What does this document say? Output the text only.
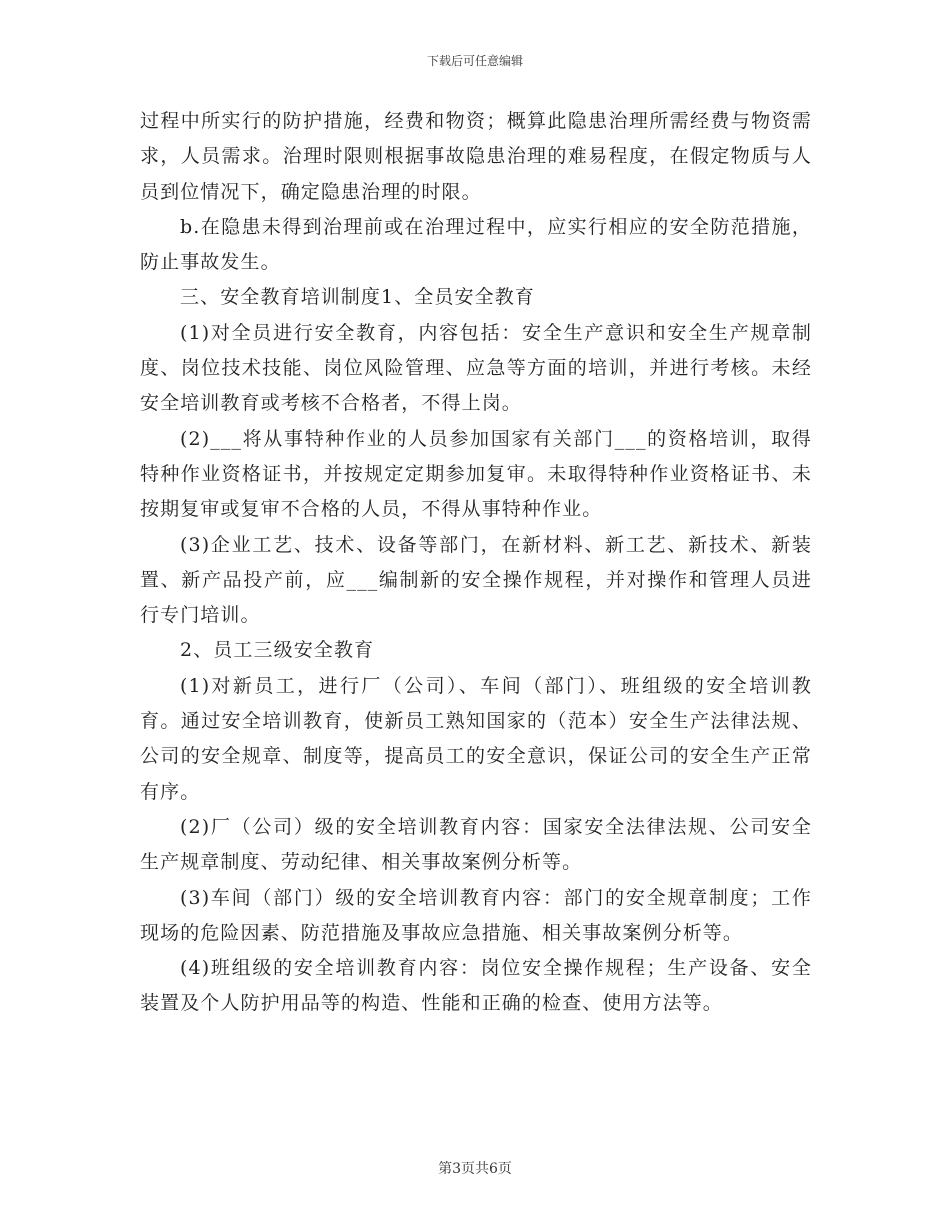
下载后可任意编辑

过程中所实行的防护措施，经费和物资；概算此隐患治理所需经费与物资需求，人员需求。治理时限则根据事故隐患治理的难易程度，在假定物质与人员到位情况下，确定隐患治理的时限。

b.在隐患未得到治理前或在治理过程中，应实行相应的安全防范措施，防止事故发生。

三、安全教育培训制度1、全员安全教育

(1)对全员进行安全教育，内容包括：安全生产意识和安全生产规章制度、岗位技术技能、岗位风险管理、应急等方面的培训，并进行考核。未经安全培训教育或考核不合格者，不得上岗。

(2)___将从事特种作业的人员参加国家有关部门___的资格培训，取得特种作业资格证书，并按规定定期参加复审。未取得特种作业资格证书、未按期复审或复审不合格的人员，不得从事特种作业。

(3)企业工艺、技术、设备等部门，在新材料、新工艺、新技术、新装置、新产品投产前，应___编制新的安全操作规程，并对操作和管理人员进行专门培训。

2、员工三级安全教育

(1)对新员工，进行厂（公司）、车间（部门）、班组级的安全培训教育。通过安全培训教育，使新员工熟知国家的（范本）安全生产法律法规、公司的安全规章、制度等，提高员工的安全意识，保证公司的安全生产正常有序。

(2)厂（公司）级的安全培训教育内容：国家安全法律法规、公司安全生产规章制度、劳动纪律、相关事故案例分析等。

(3)车间（部门）级的安全培训教育内容：部门的安全规章制度；工作现场的危险因素、防范措施及事故应急措施、相关事故案例分析等。

(4)班组级的安全培训教育内容：岗位安全操作规程；生产设备、安全装置及个人防护用品等的构造、性能和正确的检查、使用方法等。

第3页共6页
